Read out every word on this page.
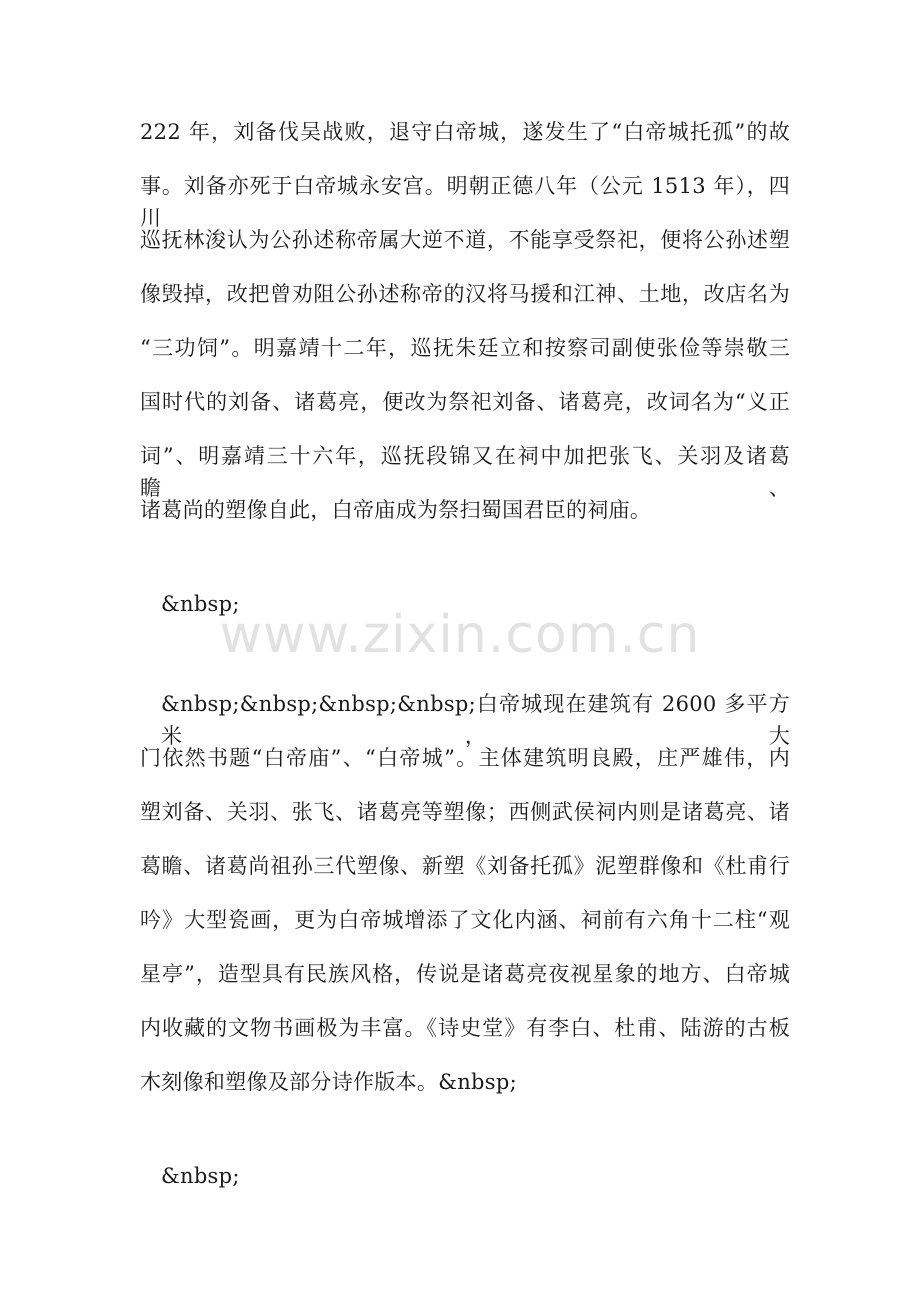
222 年，刘备伐吴战败，退守白帝城，遂发生了“白帝城托孤”的故
事。刘备亦死于白帝城永安宫。明朝正德八年（公元 1513 年），四川
巡抚林浚认为公孙述称帝属大逆不道，不能享受祭祀，便将公孙述塑
像毁掉，改把曾劝阻公孙述称帝的汉将马援和江神、土地，改店名为
“三功饲”。明嘉靖十二年，巡抚朱廷立和按察司副使张俭等崇敬三
国时代的刘备、诸葛亮，便改为祭祀刘备、诸葛亮，改词名为“义正
词”、明嘉靖三十六年，巡抚段锦又在祠中加把张飞、关羽及诸葛瞻、
诸葛尚的塑像自此，白帝庙成为祭扫蜀国君臣的祠庙。
&nbsp;
www.zixin.com.cn
&nbsp;&nbsp;&nbsp;&nbsp;白帝城现在建筑有 2600 多平方米，大
门依然书题“白帝庙”、“白帝城”。主体建筑明良殿，庄严雄伟，内
塑刘备、关羽、张飞、诸葛亮等塑像；西侧武侯祠内则是诸葛亮、诸
葛瞻、诸葛尚祖孙三代塑像、新塑《刘备托孤》泥塑群像和《杜甫行
吟》大型瓷画，更为白帝城增添了文化内涵、祠前有六角十二柱“观
星亭”，造型具有民族风格，传说是诸葛亮夜视星象的地方、白帝城
内收藏的文物书画极为丰富。《诗史堂》有李白、杜甫、陆游的古板
木刻像和塑像及部分诗作版本。&nbsp;
&nbsp;
